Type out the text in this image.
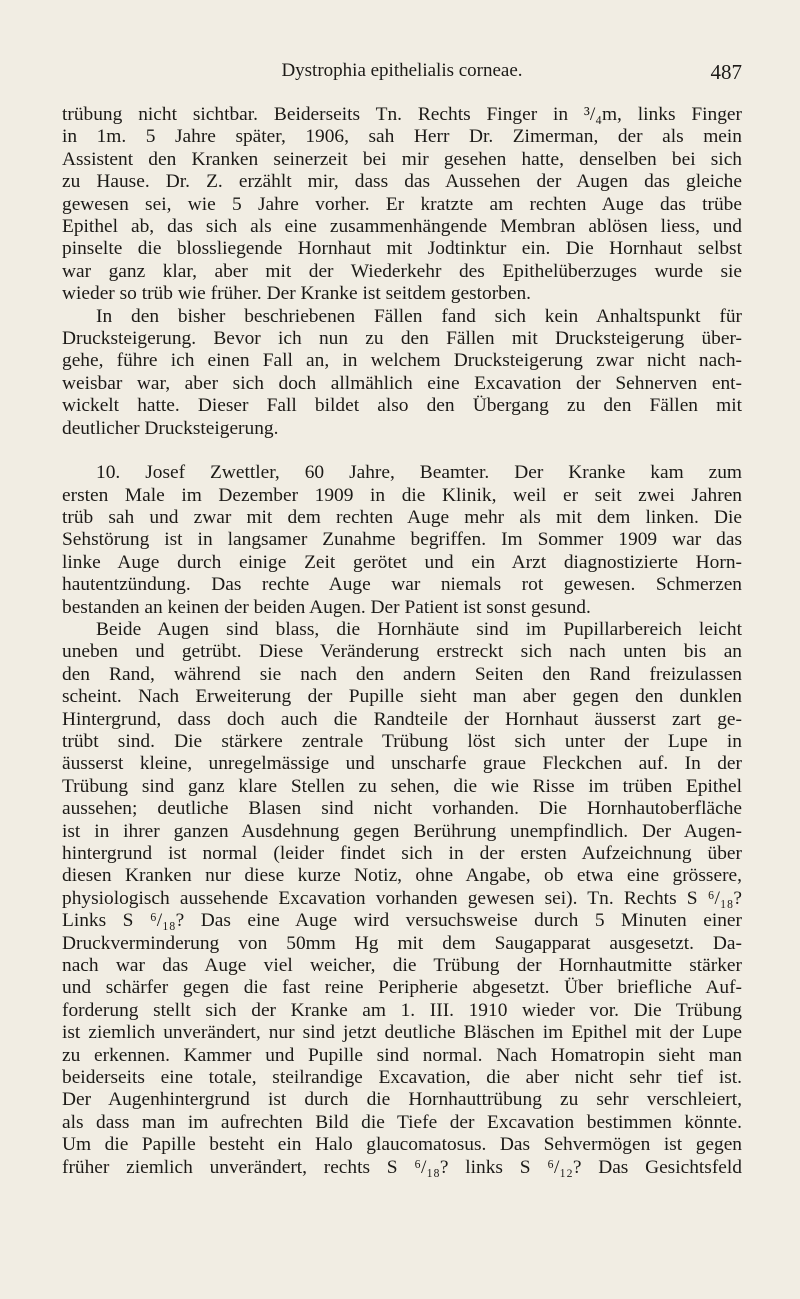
Dystrophia epithelialis corneae.	487
trübung nicht sichtbar. Beiderseits Tn. Rechts Finger in ³/₄m, links Finger
in 1m. 5 Jahre später, 1906, sah Herr Dr. Zimerman, der als mein
Assistent den Kranken seinerzeit bei mir gesehen hatte, denselben bei sich
zu Hause. Dr. Z. erzählt mir, dass das Aussehen der Augen das gleiche
gewesen sei, wie 5 Jahre vorher. Er kratzte am rechten Auge das trübe
Epithel ab, das sich als eine zusammenhängende Membran ablösen liess, und
pinselte die blossliegende Hornhaut mit Jodtinktur ein. Die Hornhaut selbst
war ganz klar, aber mit der Wiederkehr des Epithelüberzuges wurde sie
wieder so trüb wie früher. Der Kranke ist seitdem gestorben.
In den bisher beschriebenen Fällen fand sich kein Anhaltspunkt für
Drucksteigerung. Bevor ich nun zu den Fällen mit Drucksteigerung über-
gehe, führe ich einen Fall an, in welchem Drucksteigerung zwar nicht nach-
weisbar war, aber sich doch allmählich eine Excavation der Sehnerven ent-
wickelt hatte. Dieser Fall bildet also den Übergang zu den Fällen mit
deutlicher Drucksteigerung.
10. Josef Zwettler, 60 Jahre, Beamter. Der Kranke kam zum
ersten Male im Dezember 1909 in die Klinik, weil er seit zwei Jahren
trüb sah und zwar mit dem rechten Auge mehr als mit dem linken. Die
Sehstörung ist in langsamer Zunahme begriffen. Im Sommer 1909 war das
linke Auge durch einige Zeit gerötet und ein Arzt diagnostizierte Horn-
hautentzündung. Das rechte Auge war niemals rot gewesen. Schmerzen
bestanden an keinen der beiden Augen. Der Patient ist sonst gesund.
Beide Augen sind blass, die Hornhäute sind im Pupillarbereich leicht
uneben und getrübt. Diese Veränderung erstreckt sich nach unten bis an
den Rand, während sie nach den andern Seiten den Rand freizulassen
scheint. Nach Erweiterung der Pupille sieht man aber gegen den dunklen
Hintergrund, dass doch auch die Randteile der Hornhaut äusserst zart ge-
trübt sind. Die stärkere zentrale Trübung löst sich unter der Lupe in
äusserst kleine, unregelmässige und unscharfe graue Fleckchen auf. In der
Trübung sind ganz klare Stellen zu sehen, die wie Risse im trüben Epithel
aussehen; deutliche Blasen sind nicht vorhanden. Die Hornhautoberfläche
ist in ihrer ganzen Ausdehnung gegen Berührung unempfindlich. Der Augen-
hintergrund ist normal (leider findet sich in der ersten Aufzeichnung über
diesen Kranken nur diese kurze Notiz, ohne Angabe, ob etwa eine grössere,
physiologisch aussehende Excavation vorhanden gewesen sei). Tn. Rechts S ⁶/₁₈?
Links S ⁶/₁₈? Das eine Auge wird versuchsweise durch 5 Minuten einer
Druckverminderung von 50mm Hg mit dem Saugapparat ausgesetzt. Da-
nach war das Auge viel weicher, die Trübung der Hornhautmitte stärker
und schärfer gegen die fast reine Peripherie abgesetzt. Über briefliche Auf-
forderung stellt sich der Kranke am 1. III. 1910 wieder vor. Die Trübung
ist ziemlich unverändert, nur sind jetzt deutliche Bläschen im Epithel mit der Lupe
zu erkennen. Kammer und Pupille sind normal. Nach Homatropin sieht man
beiderseits eine totale, steilrandige Excavation, die aber nicht sehr tief ist.
Der Augenhintergrund ist durch die Hornhauttrübung zu sehr verschleiert,
als dass man im aufrechten Bild die Tiefe der Excavation bestimmen könnte.
Um die Papille besteht ein Halo glaucomatosus. Das Sehvermögen ist gegen
früher ziemlich unverändert, rechts S ⁶/₁₈? links S ⁶/₁₂? Das Gesichtsfeld
